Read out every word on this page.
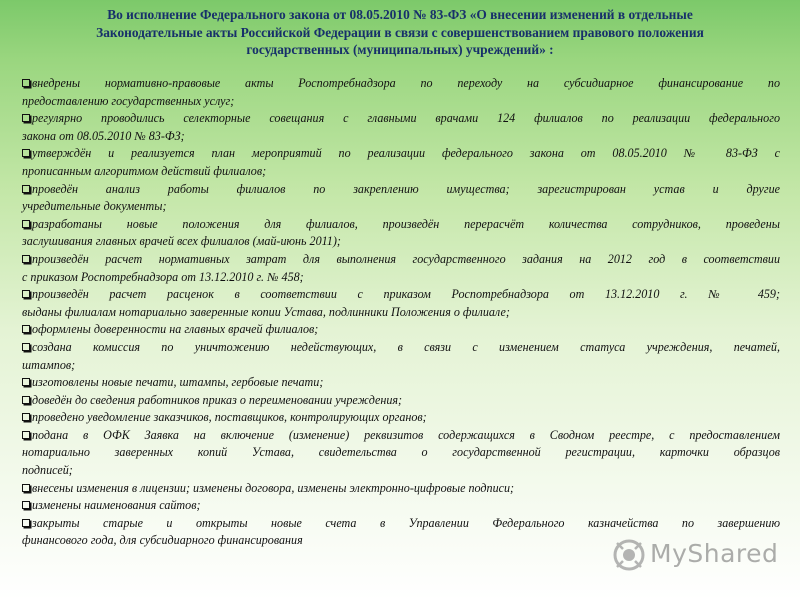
Во исполнение Федерального закона от 08.05.2010 № 83-ФЗ «О внесении изменений в отдельные
Законодательные акты Российской Федерации в связи с совершенствованием правового положения
государственных (муниципальных) учреждений» :
внедрены нормативно-правовые акты Роспотребнадзора по переходу на субсидиарное финансирование по
предоставлению государственных услуг;
регулярно проводились селекторные совещания с главными врачами 124 филиалов по реализации федерального
закона от 08.05.2010 № 83-ФЗ;
утверждён и реализуется план мероприятий по реализации федерального закона от 08.05.2010 № 83-ФЗ с
прописанным алгоритмом действий филиалов;
проведён анализ работы филиалов по закреплению имущества; зарегистрирован устав и другие
учредительные документы;
разработаны новые положения для филиалов, произведён перерасчёт количества сотрудников, проведены
заслушивания главных врачей всех филиалов (май-июнь 2011);
произведён расчет нормативных затрат для выполнения государственного задания на 2012 год в соответствии
с приказом Роспотребнадзора от 13.12.2010 г. № 458;
произведён расчет расценок в соответствии с приказом Роспотребнадзора от 13.12.2010 г. № 459;
выданы филиалам нотариально заверенные копии Устава, подлинники Положения о филиале;
оформлены доверенности на главных врачей филиалов;
создана комиссия по уничтожению недействующих, в связи с изменением статуса учреждения, печатей,
штампов;
изготовлены новые печати, штампы, гербовые печати;
доведён до сведения работников приказ о переименовании учреждения;
проведено уведомление заказчиков, поставщиков, контролирующих органов;
подана в ОФК Заявка на включение (изменение) реквизитов содержащихся в Сводном реестре, с предоставлением
нотариально заверенных копий Устава, свидетельства о государственной регистрации, карточки образцов
подписей;
внесены изменения в лицензии; изменены договора, изменены электронно-цифровые подписи;
изменены наименования сайтов;
закрыты старые и открыты новые счета в Управлении Федерального казначейства по завершению
финансового года, для субсидиарного финансирования	MyShared
